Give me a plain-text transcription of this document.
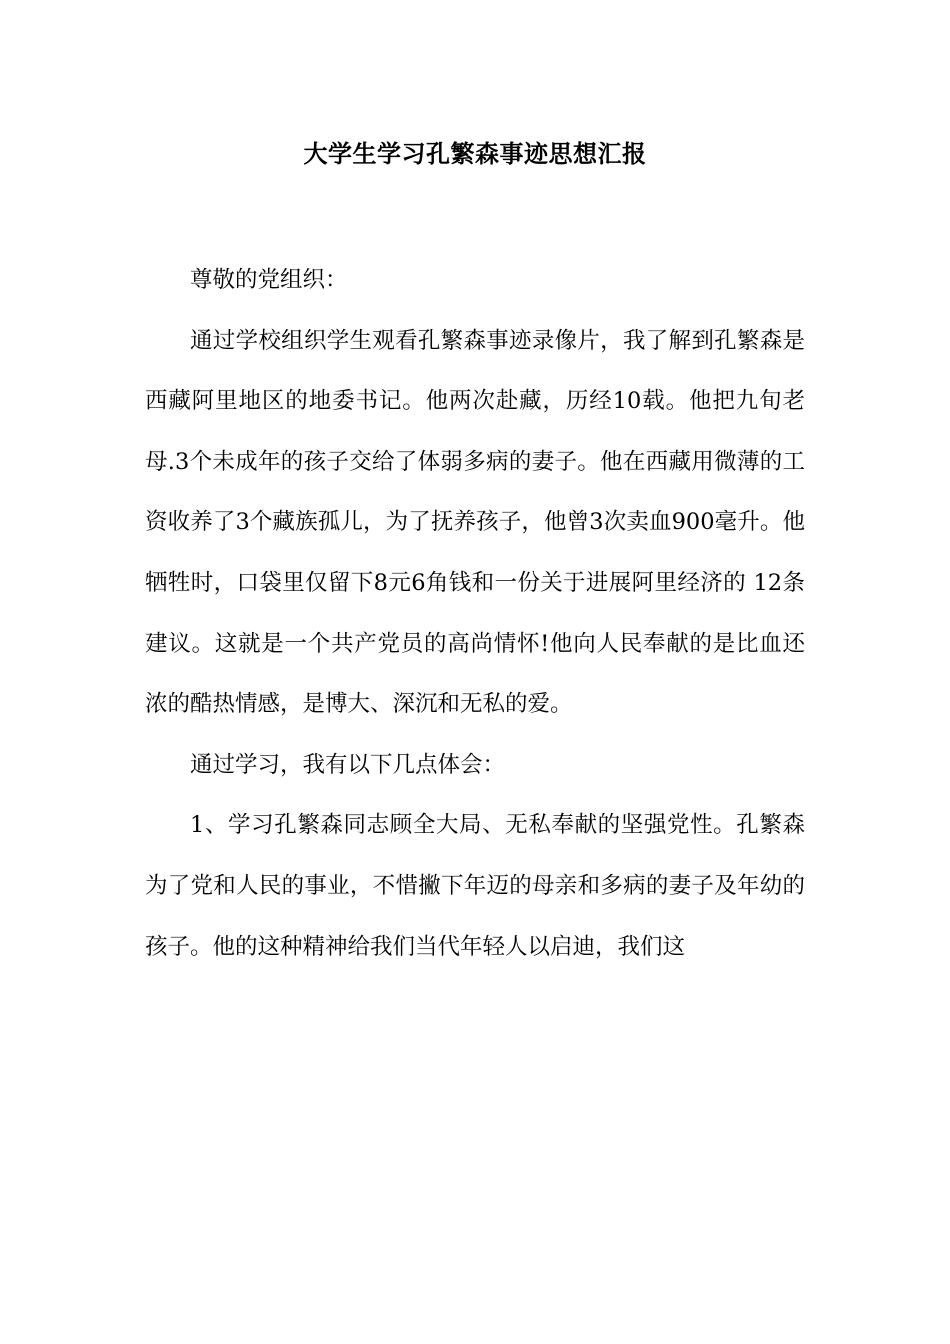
大学生学习孔繁森事迹思想汇报

尊敬的党组织：

通过学校组织学生观看孔繁森事迹录像片，我了解到孔繁森是西藏阿里地区的地委书记。他两次赴藏，历经10载。他把九旬老母.3个未成年的孩子交给了体弱多病的妻子。他在西藏用微薄的工资收养了3个藏族孤儿，为了抚养孩子，他曾3次卖血900毫升。他牺牲时，口袋里仅留下8元6角钱和一份关于进展阿里经济的 12条建议。这就是一个共产党员的高尚情怀!他向人民奉献的是比血还浓的酷热情感，是博大、深沉和无私的爱。

通过学习，我有以下几点体会：

1、学习孔繁森同志顾全大局、无私奉献的坚强党性。孔繁森为了党和人民的事业，不惜撇下年迈的母亲和多病的妻子及年幼的孩子。他的这种精神给我们当代年轻人以启迪，我们这
